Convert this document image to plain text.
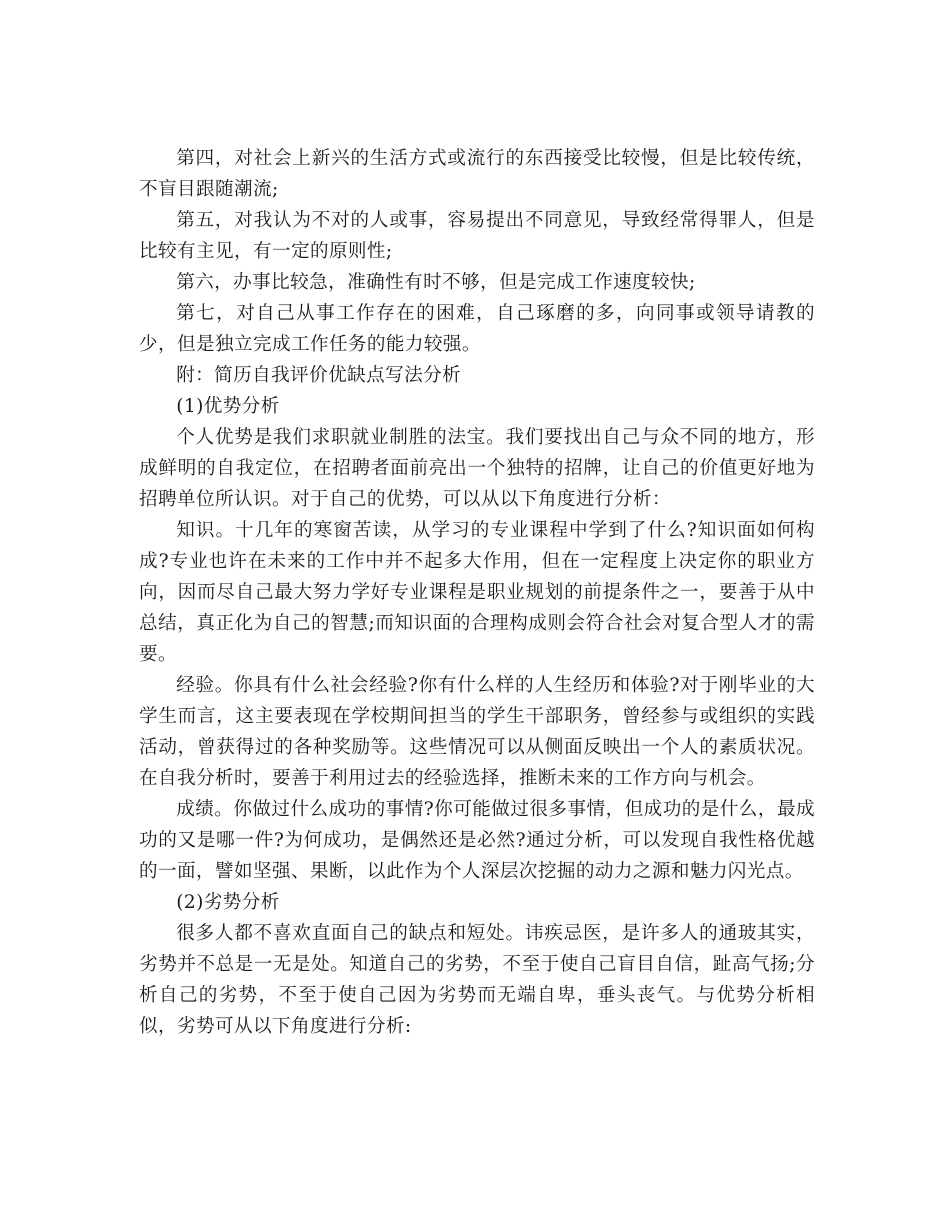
第四，对社会上新兴的生活方式或流行的东西接受比较慢，但是比较传统，不盲目跟随潮流;

第五，对我认为不对的人或事，容易提出不同意见，导致经常得罪人，但是比较有主见，有一定的原则性;

第六，办事比较急，准确性有时不够，但是完成工作速度较快;

第七，对自己从事工作存在的困难，自己琢磨的多，向同事或领导请教的少，但是独立完成工作任务的能力较强。

附：简历自我评价优缺点写法分析

(1)优势分析

个人优势是我们求职就业制胜的法宝。我们要找出自己与众不同的地方，形成鲜明的自我定位，在招聘者面前亮出一个独特的招牌，让自己的价值更好地为招聘单位所认识。对于自己的优势，可以从以下角度进行分析：

知识。十几年的寒窗苦读，从学习的专业课程中学到了什么?知识面如何构成?专业也许在未来的工作中并不起多大作用，但在一定程度上决定你的职业方向，因而尽自己最大努力学好专业课程是职业规划的前提条件之一，要善于从中总结，真正化为自己的智慧;而知识面的合理构成则会符合社会对复合型人才的需要。

经验。你具有什么社会经验?你有什么样的人生经历和体验?对于刚毕业的大学生而言，这主要表现在学校期间担当的学生干部职务，曾经参与或组织的实践活动，曾获得过的各种奖励等。这些情况可以从侧面反映出一个人的素质状况。在自我分析时，要善于利用过去的经验选择，推断未来的工作方向与机会。

成绩。你做过什么成功的事情?你可能做过很多事情，但成功的是什么，最成功的又是哪一件?为何成功，是偶然还是必然?通过分析，可以发现自我性格优越的一面，譬如坚强、果断，以此作为个人深层次挖掘的动力之源和魅力闪光点。

(2)劣势分析

很多人都不喜欢直面自己的缺点和短处。讳疾忌医，是许多人的通玻其实，劣势并不总是一无是处。知道自己的劣势，不至于使自己盲目自信，趾高气扬;分析自己的劣势，不至于使自己因为劣势而无端自卑，垂头丧气。与优势分析相似，劣势可从以下角度进行分析:
